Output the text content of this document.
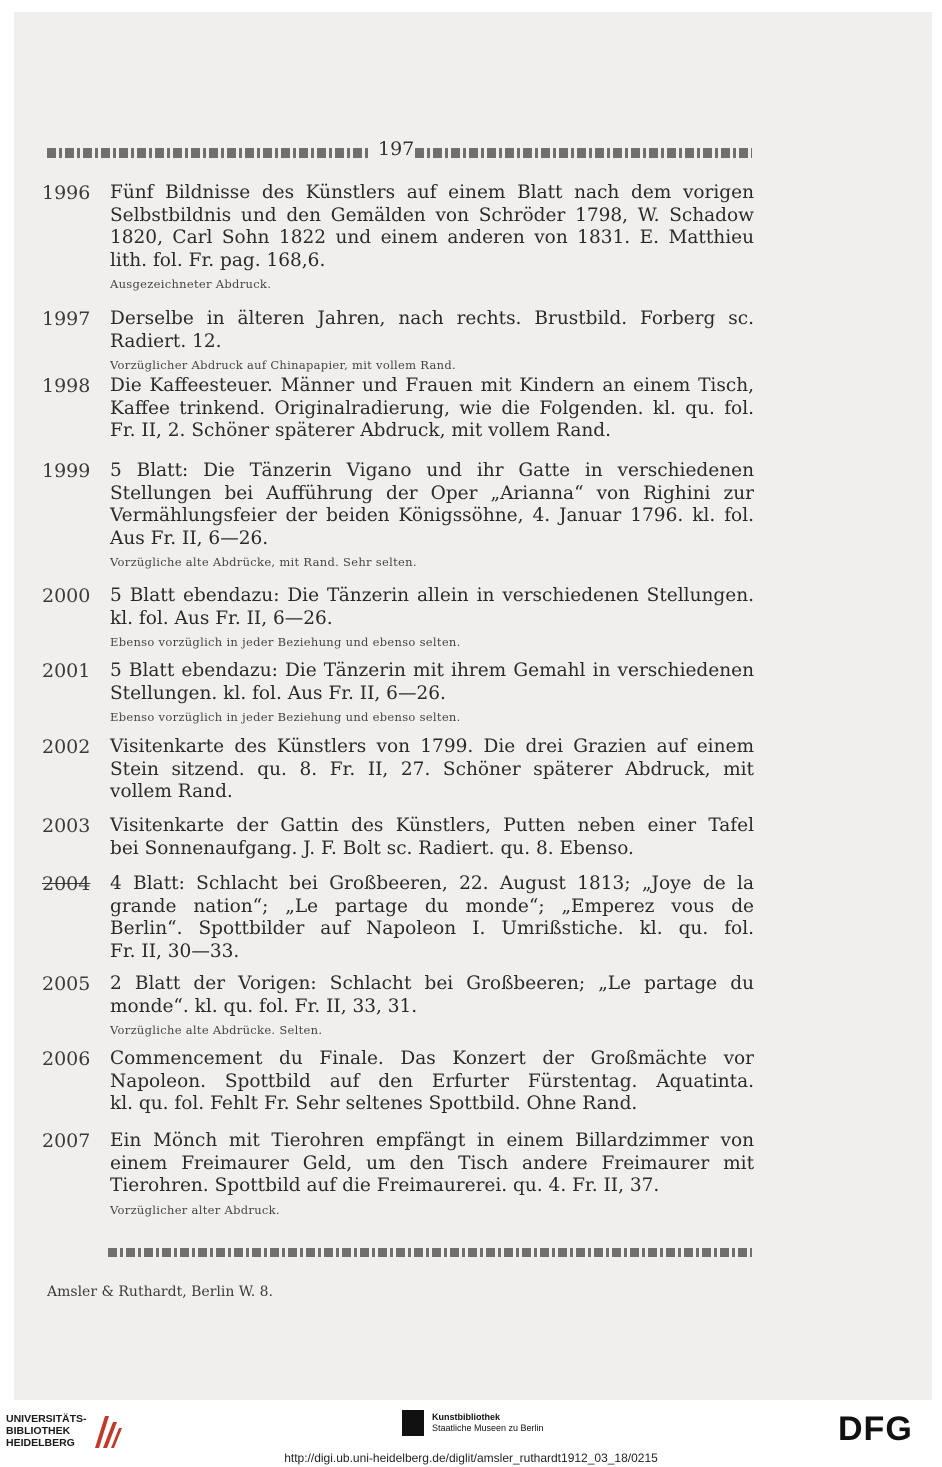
197
1996	Fünf Bildnisse des Künstlers auf einem Blatt nach dem vorigen
Selbstbildnis und den Gemälden von Schröder 1798, W. Schadow
1820, Carl Sohn 1822 und einem anderen von 1831. E. Matthieu
lith. fol. Fr. pag. 168,6.
Ausgezeichneter Abdruck.
1997	Derselbe in älteren Jahren, nach rechts. Brustbild. Forberg sc.
Radiert. 12.
Vorzüglicher Abdruck auf Chinapapier, mit vollem Rand.
1998	Die Kaffeesteuer. Männer und Frauen mit Kindern an einem Tisch,
Kaffee trinkend. Originalradierung, wie die Folgenden. kl. qu. fol.
Fr. II, 2. Schöner späterer Abdruck, mit vollem Rand.
1999	5 Blatt: Die Tänzerin Vigano und ihr Gatte in verschiedenen
Stellungen bei Aufführung der Oper „Arianna“ von Righini zur
Vermählungsfeier der beiden Königssöhne, 4. Januar 1796. kl. fol.
Aus Fr. II, 6—26.
Vorzügliche alte Abdrücke, mit Rand. Sehr selten.
2000	5 Blatt ebendazu: Die Tänzerin allein in verschiedenen Stellungen.
kl. fol. Aus Fr. II, 6—26.
Ebenso vorzüglich in jeder Beziehung und ebenso selten.
2001	5 Blatt ebendazu: Die Tänzerin mit ihrem Gemahl in verschiedenen
Stellungen. kl. fol. Aus Fr. II, 6—26.
Ebenso vorzüglich in jeder Beziehung und ebenso selten.
2002	Visitenkarte des Künstlers von 1799. Die drei Grazien auf einem
Stein sitzend. qu. 8. Fr. II, 27. Schöner späterer Abdruck, mit
vollem Rand.
2003	Visitenkarte der Gattin des Künstlers, Putten neben einer Tafel
bei Sonnenaufgang. J. F. Bolt sc. Radiert. qu. 8. Ebenso.
2004	4 Blatt: Schlacht bei Großbeeren, 22. August 1813; „Joye de la
grande nation“; „Le partage du monde“; „Emperez vous de
Berlin“. Spottbilder auf Napoleon I. Umrißstiche. kl. qu. fol.
Fr. II, 30—33.
2005	2 Blatt der Vorigen: Schlacht bei Großbeeren; „Le partage du
monde“. kl. qu. fol. Fr. II, 33, 31.
Vorzügliche alte Abdrücke. Selten.
2006	Commencement du Finale. Das Konzert der Großmächte vor
Napoleon. Spottbild auf den Erfurter Fürstentag. Aquatinta.
kl. qu. fol. Fehlt Fr. Sehr seltenes Spottbild. Ohne Rand.
2007	Ein Mönch mit Tierohren empfängt in einem Billardzimmer von
einem Freimaurer Geld, um den Tisch andere Freimaurer mit
Tierohren. Spottbild auf die Freimaurerei. qu. 4. Fr. II, 37.
Vorzüglicher alter Abdruck.
Amsler & Ruthardt, Berlin W. 8.
UNIVERSITÄTS-
BIBLIOTHEK
HEIDELBERG
Kunstbibliothek
Staatliche Museen zu Berlin	DFG
http://digi.ub.uni-heidelberg.de/diglit/amsler_ruthardt1912_03_18/0215
